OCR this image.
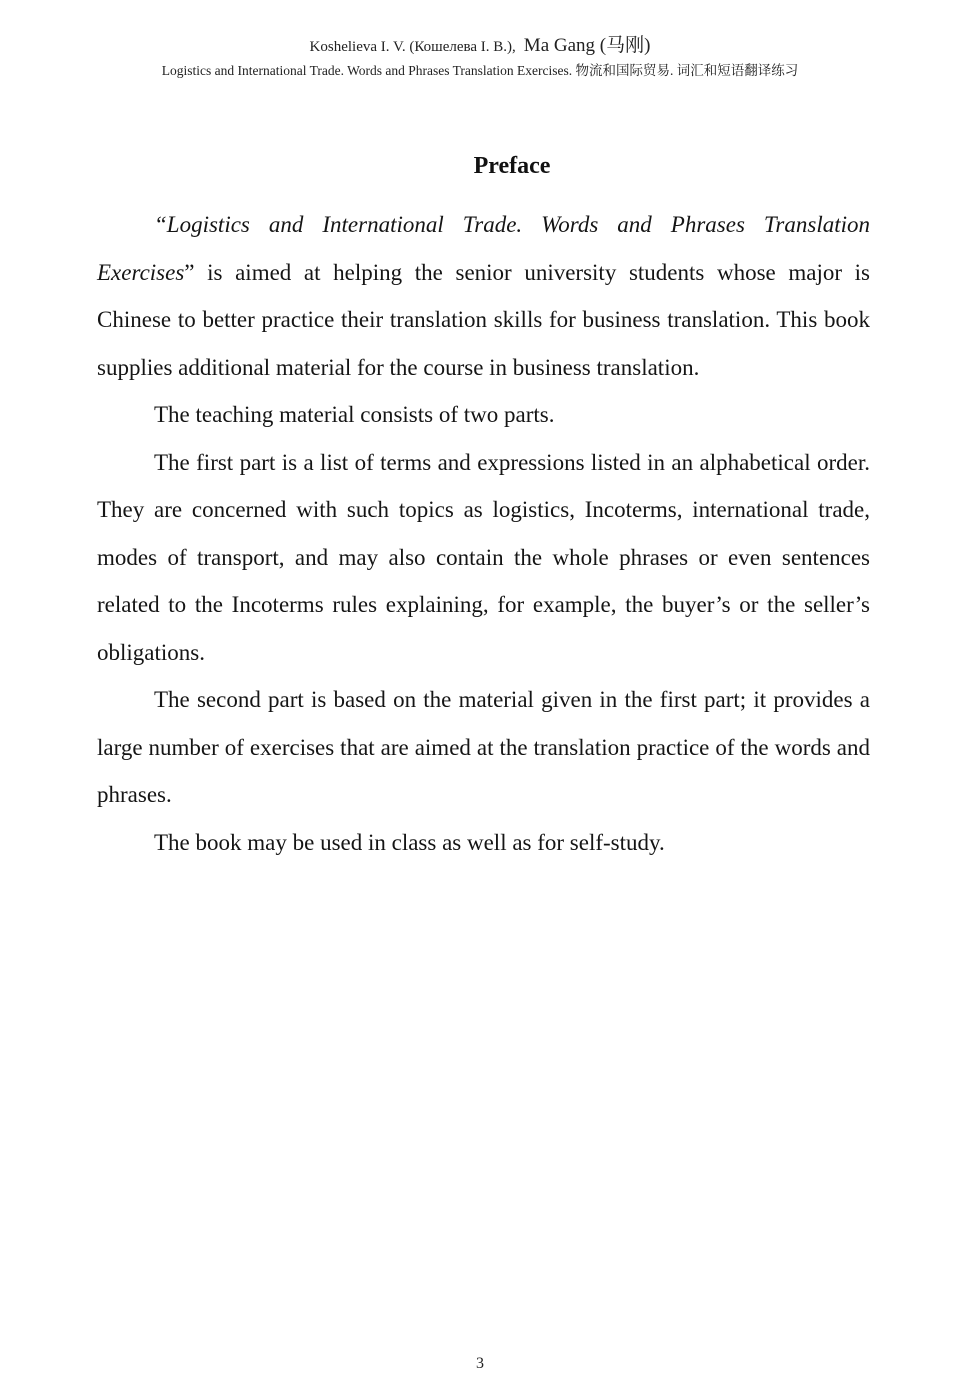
Koshelieva I. V. (Кошелева І. В.), Ma Gang (马刚)
Logistics and International Trade. Words and Phrases Translation Exercises. 物流和国际贸易. 词汇和短语翻译练习
Preface

“Logistics and International Trade. Words and Phrases Translation Exercises” is aimed at helping the senior university students whose major is Chinese to better practice their translation skills for business translation. This book supplies additional material for the course in business translation.

The teaching material consists of two parts.

The first part is a list of terms and expressions listed in an alphabetical order. They are concerned with such topics as logistics, Incoterms, international trade, modes of transport, and may also contain the whole phrases or even sentences related to the Incoterms rules explaining, for example, the buyer’s or the seller’s obligations.

The second part is based on the material given in the first part; it provides a large number of exercises that are aimed at the translation practice of the words and phrases.

The book may be used in class as well as for self-study.

3
